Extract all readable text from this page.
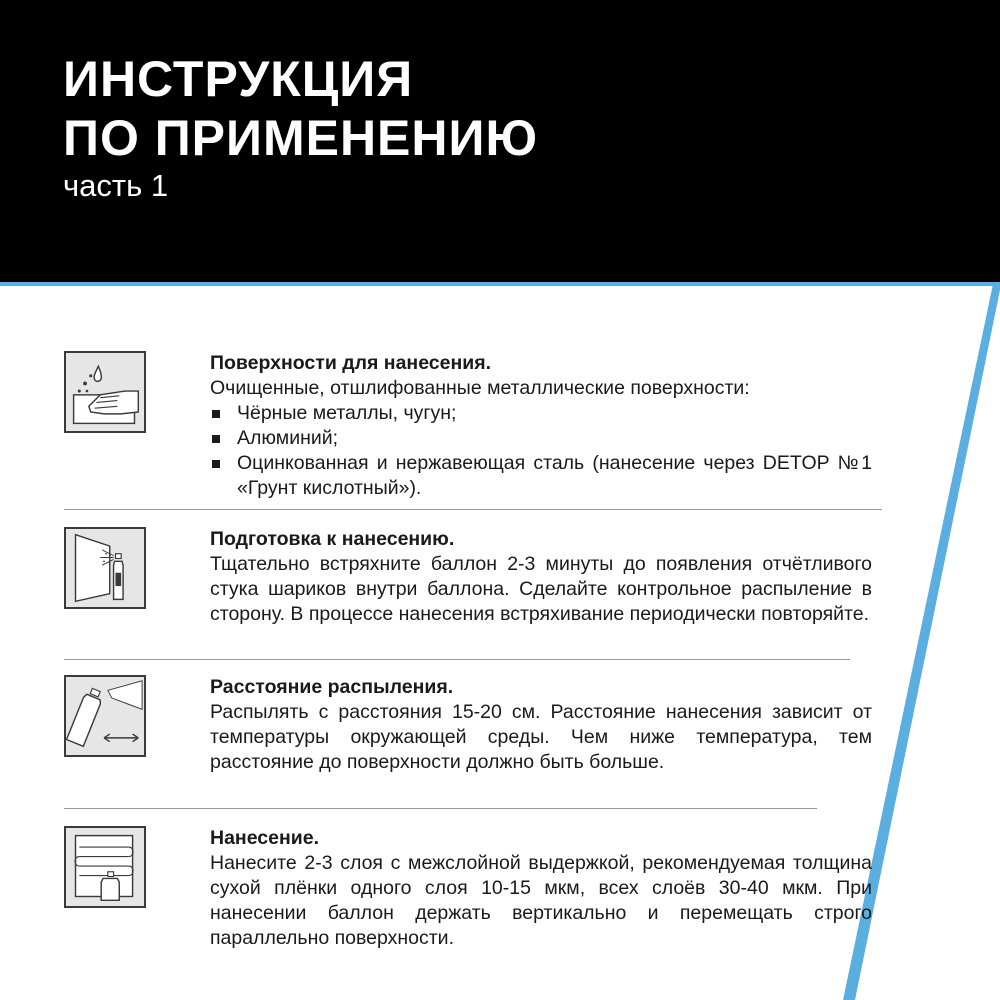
ИНСТРУКЦИЯ
ПО ПРИМЕНЕНИЮ
часть 1
Поверхности для нанесения.

Очищенные, отшлифованные металлические поверхности:

Чёрные металлы, чугун;
Алюминий;
Оцинкованная и нержавеющая сталь (нанесение через DETOP №1 «Грунт кислотный»).
Подготовка к нанесению.

Тщательно встряхните баллон 2-3 минуты до появления отчётливого стука шариков внутри баллона. Сделайте контрольное распыление в сторону. В процессе нанесения встряхивание периодически повторяйте.

Расстояние распыления.

Распылять с расстояния 15-20 см. Расстояние нанесения зависит от температуры окружающей среды. Чем ниже температура, тем расстояние до поверхности должно быть больше.

Нанесение.

Нанесите 2-3 слоя с межслойной выдержкой, рекомендуемая толщина сухой плёнки одного слоя 10-15 мкм, всех слоёв 30-40 мкм. При нанесении баллон держать вертикально и перемещать строго параллельно поверхности.
